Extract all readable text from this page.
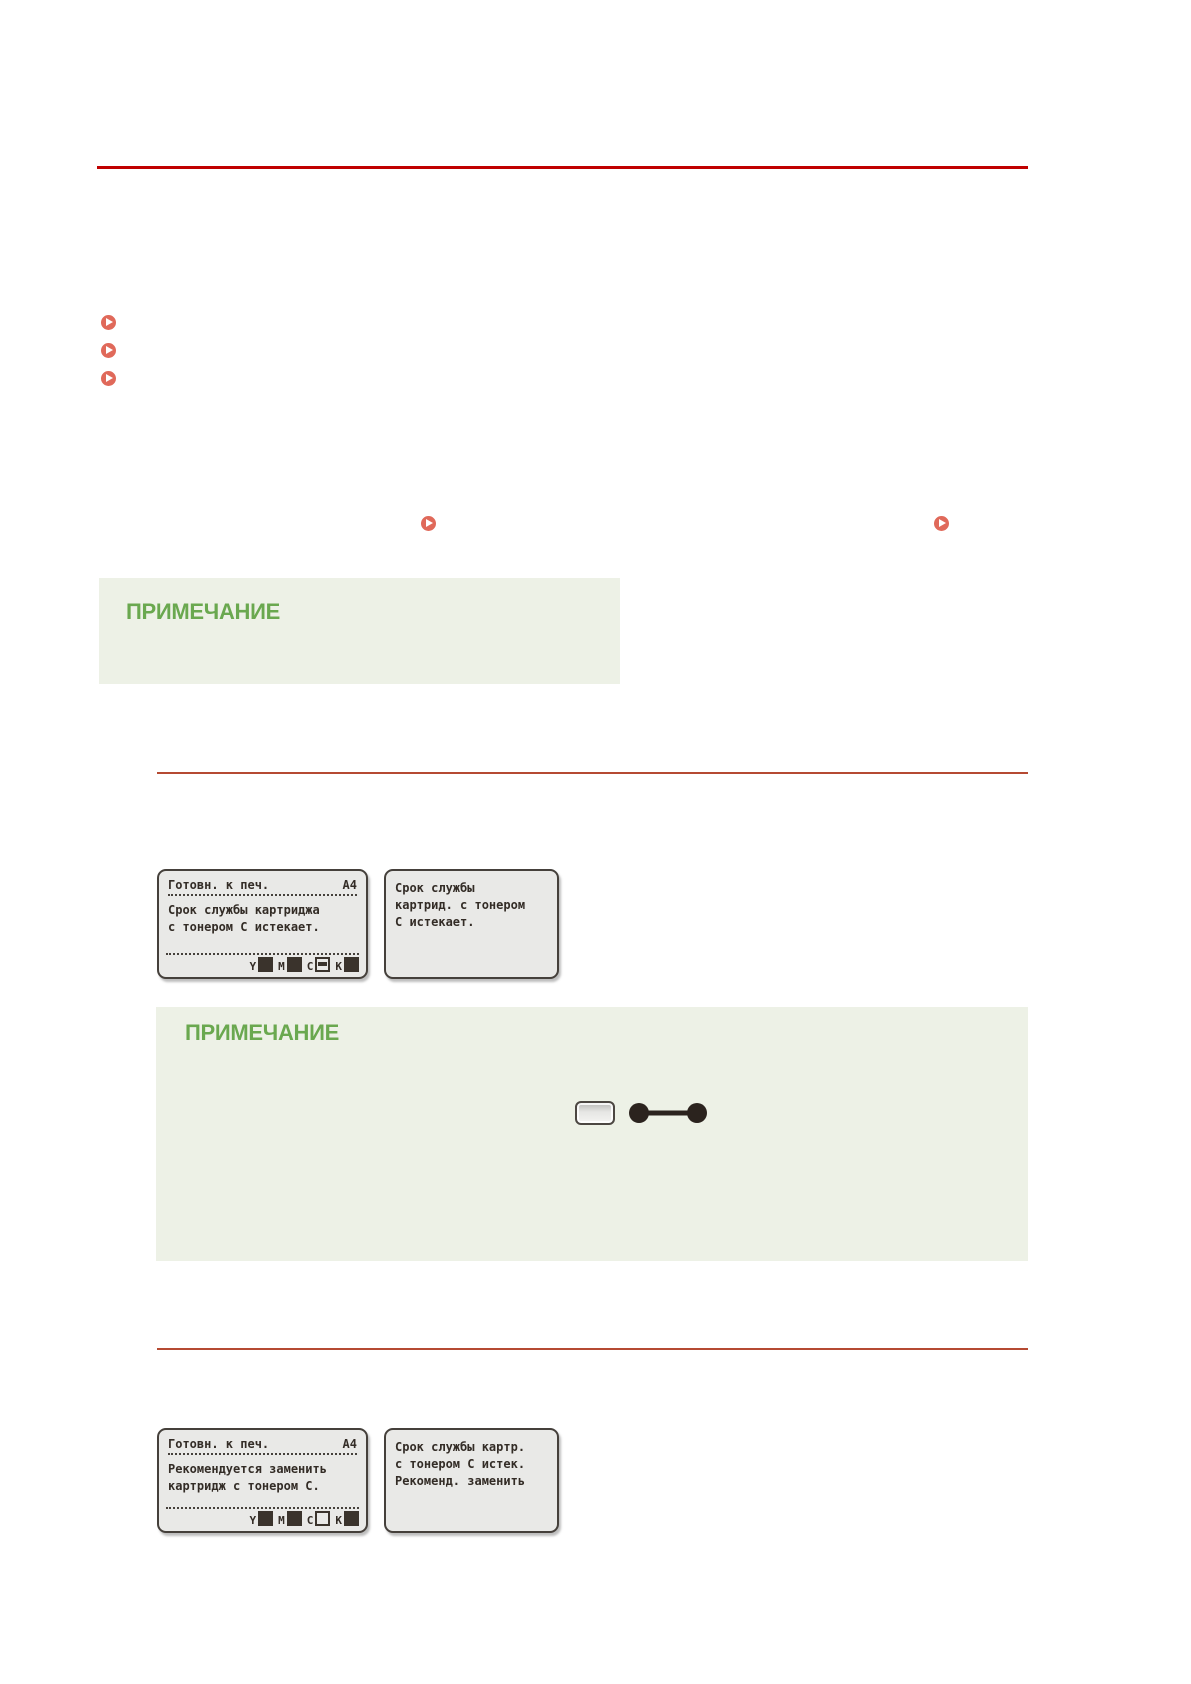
ПРИМЕЧАНИЕ
Готовн. к печ.	A4
Срок службы картриджа
с тонером C истекает.
Y M C K
Срок службы
картрид. с тонером
C истекает.
ПРИМЕЧАНИЕ
Готовн. к печ.	A4
Рекомендуется заменить
картридж с тонером C.
Y M C K
Срок службы картр.
с тонером C истек.
Рекоменд. заменить
